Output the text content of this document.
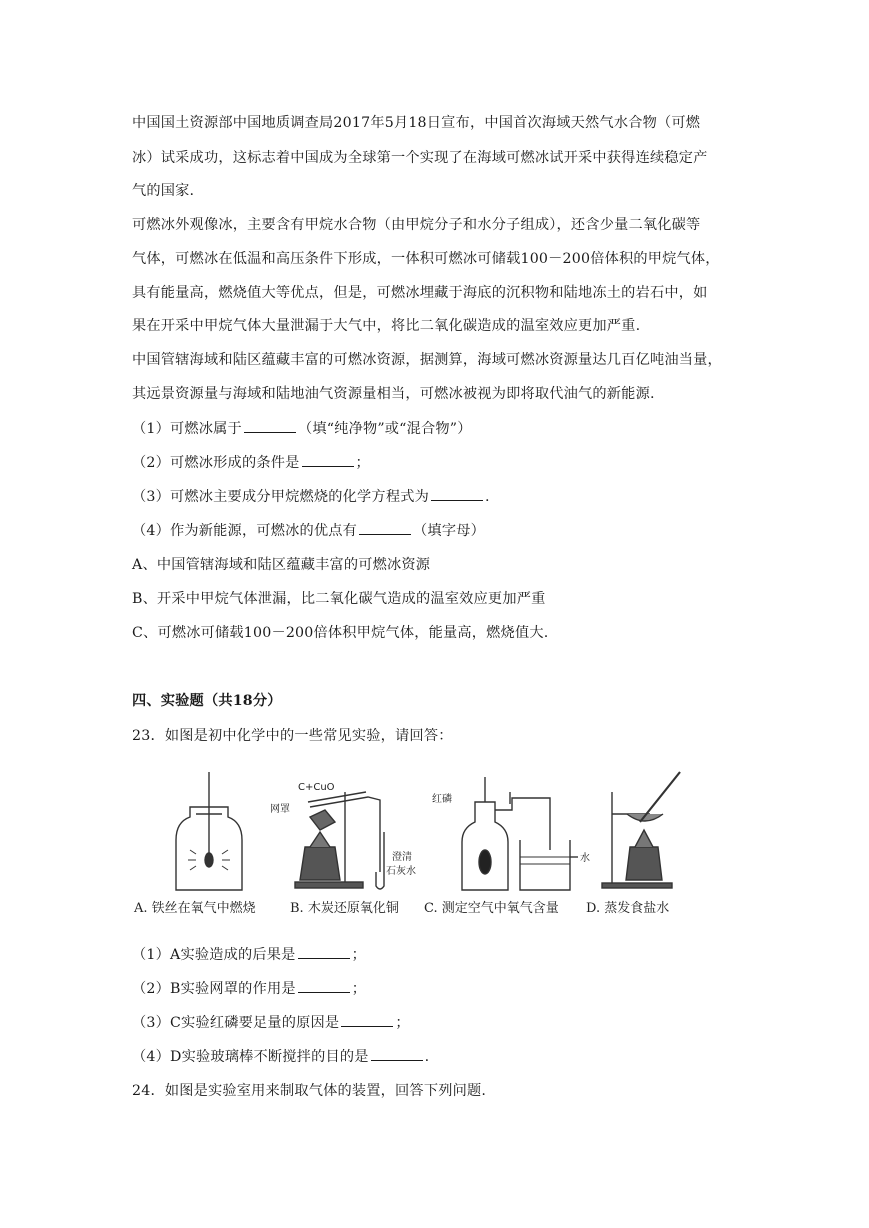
中国国土资源部中国地质调查局2017年5月18日宣布，中国首次海域天然气水合物（可燃
冰）试采成功，这标志着中国成为全球第一个实现了在海域可燃冰试开采中获得连续稳定产
气的国家.
可燃冰外观像冰，主要含有甲烷水合物（由甲烷分子和水分子组成），还含少量二氧化碳等
气体，可燃冰在低温和高压条件下形成，一体积可燃冰可储载100－200倍体积的甲烷气体，
具有能量高，燃烧值大等优点，但是，可燃冰埋藏于海底的沉积物和陆地冻土的岩石中，如
果在开采中甲烷气体大量泄漏于大气中，将比二氧化碳造成的温室效应更加严重.
中国管辖海域和陆区蕴藏丰富的可燃冰资源，据测算，海域可燃冰资源量达几百亿吨油当量，
其远景资源量与海域和陆地油气资源量相当，可燃冰被视为即将取代油气的新能源.
（1）可燃冰属于	（填“纯净物”或“混合物”）
（2）可燃冰形成的条件是	；
（3）可燃冰主要成分甲烷燃烧的化学方程式为	.
（4）作为新能源，可燃冰的优点有	（填字母）
A、中国管辖海域和陆区蕴藏丰富的可燃冰资源
B、开采中甲烷气体泄漏，比二氧化碳气造成的温室效应更加严重
C、可燃冰可储载100－200倍体积甲烷气体，能量高，燃烧值大.
四、实验题（共18分）
23．如图是初中化学中的一些常见实验，请回答：
C+CuO
网罩
澄清
石灰水
红磷
水
A. 铁丝在氧气中燃烧	B. 木炭还原氧化铜 C. 测定空气中氧气含量 D. 蒸发食盐水
（1）A实验造成的后果是	；
（2）B实验网罩的作用是	；
（3）C实验红磷要足量的原因是	；
（4）D实验玻璃棒不断搅拌的目的是	.
24．如图是实验室用来制取气体的装置，回答下列问题.
